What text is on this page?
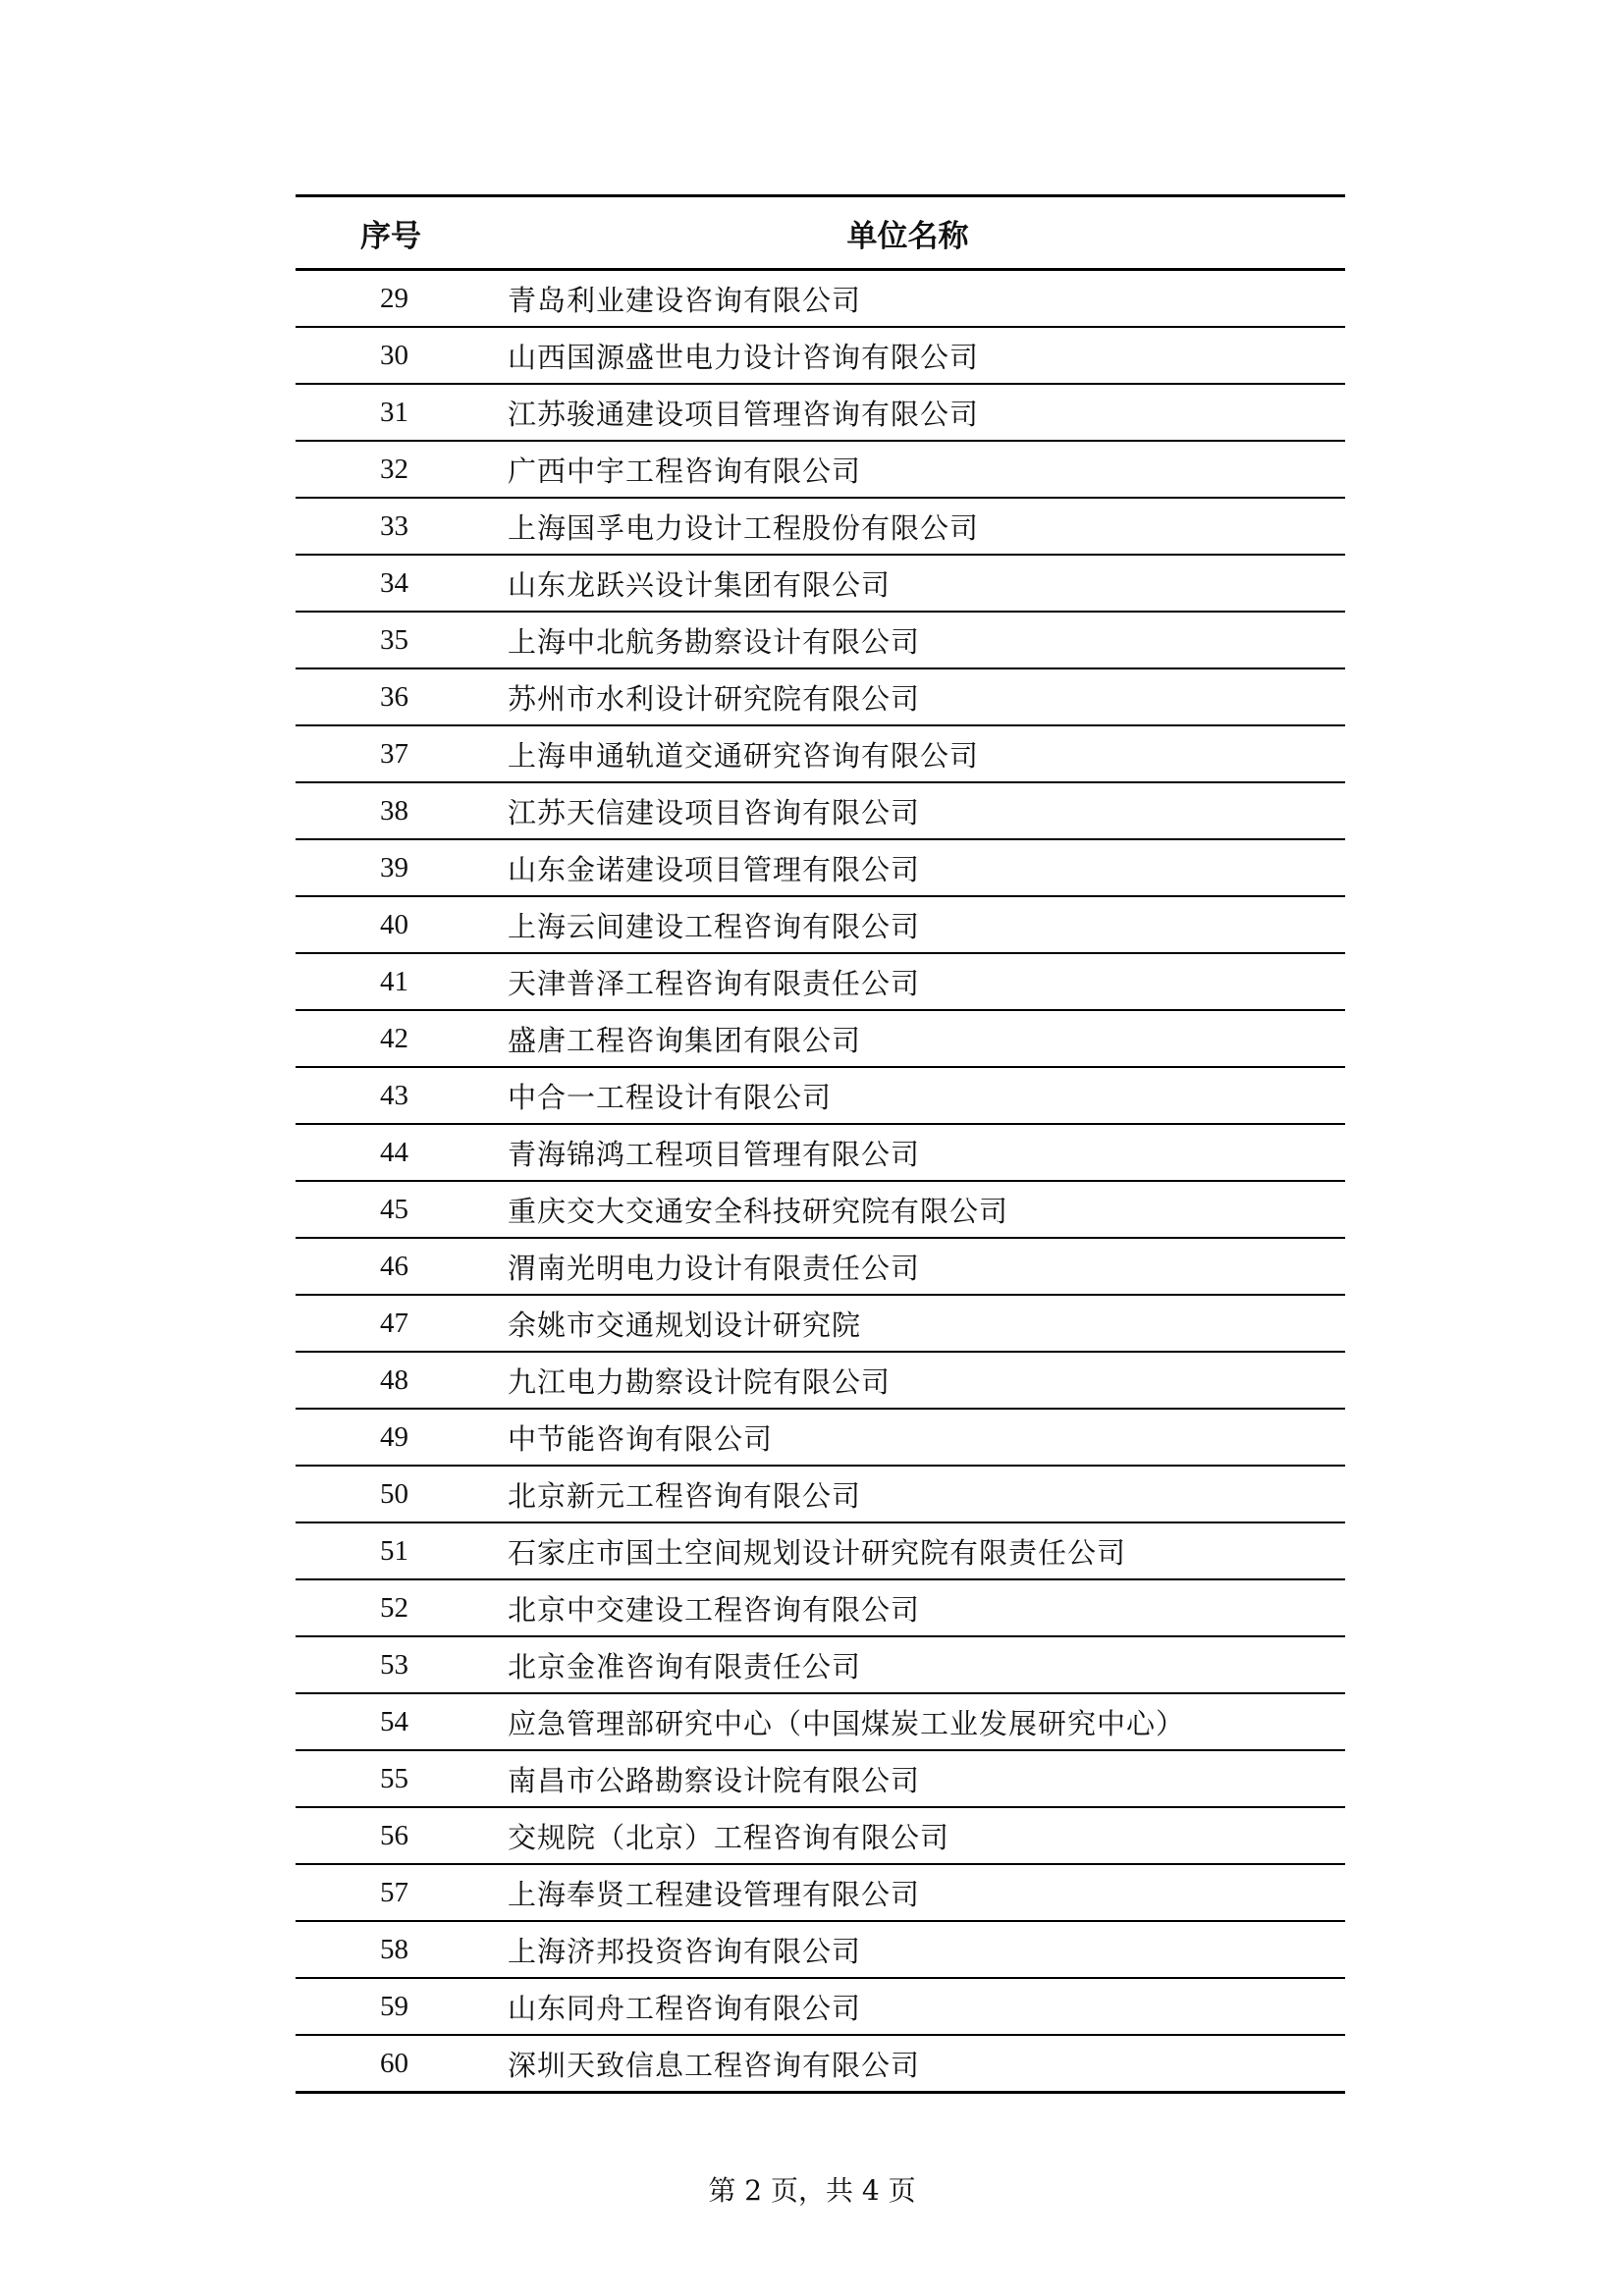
序号	单位名称
29	青岛利业建设咨询有限公司
30	山西国源盛世电力设计咨询有限公司
31	江苏骏通建设项目管理咨询有限公司
32	广西中宇工程咨询有限公司
33	上海国孚电力设计工程股份有限公司
34	山东龙跃兴设计集团有限公司
35	上海中北航务勘察设计有限公司
36	苏州市水利设计研究院有限公司
37	上海申通轨道交通研究咨询有限公司
38	江苏天信建设项目咨询有限公司
39	山东金诺建设项目管理有限公司
40	上海云间建设工程咨询有限公司
41	天津普泽工程咨询有限责任公司
42	盛唐工程咨询集团有限公司
43	中合一工程设计有限公司
44	青海锦鸿工程项目管理有限公司
45	重庆交大交通安全科技研究院有限公司
46	渭南光明电力设计有限责任公司
47	余姚市交通规划设计研究院
48	九江电力勘察设计院有限公司
49	中节能咨询有限公司
50	北京新元工程咨询有限公司
51	石家庄市国土空间规划设计研究院有限责任公司
52	北京中交建设工程咨询有限公司
53	北京金准咨询有限责任公司
54	应急管理部研究中心（中国煤炭工业发展研究中心）
55	南昌市公路勘察设计院有限公司
56	交规院（北京）工程咨询有限公司
57	上海奉贤工程建设管理有限公司
58	上海济邦投资咨询有限公司
59	山东同舟工程咨询有限公司
60	深圳天致信息工程咨询有限公司
第 2 页，共 4 页
